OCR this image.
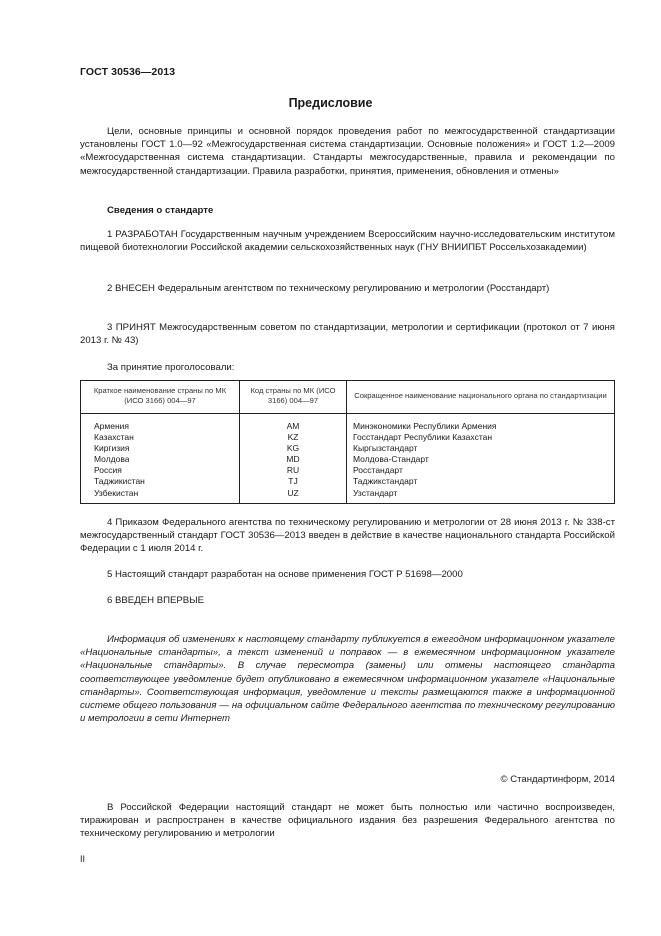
ГОСТ 30536—2013
Предисловие

Цели, основные принципы и основной порядок проведения работ по межгосударственной стандартизации установлены ГОСТ 1.0—92 «Межгосударственная система стандартизации. Основные положения» и ГОСТ 1.2—2009 «Межгосударственная система стандартизации. Стандарты межгосударственные, правила и рекомендации по межгосударственной стандартизации. Правила разработки, принятия, применения, обновления и отмены»

Сведения о стандарте

1 РАЗРАБОТАН Государственным научным учреждением Всероссийским научно-исследовательским институтом пищевой биотехнологии Российской академии сельскохозяйственных наук (ГНУ ВНИИПБТ Россельхозакадемии)

2 ВНЕСЕН Федеральным агентством по техническому регулированию и метрологии (Росстандарт)

3 ПРИНЯТ Межгосударственным советом по стандартизации, метрологии и сертификации (протокол от 7 июня 2013 г. № 43)

За принятие проголосовали:
Краткое наименование страны по МК (ИСО 3166) 004—97	Код страны по МК (ИСО 3166) 004—97	Сокращенное наименование национального органа по стандартизации
Армения	AM	Минэкономики Республики Армения
Казахстан	KZ	Госстандарт Республики Казахстан
Киргизия	KG	Кыргызстандарт
Молдова	MD	Молдова-Стандарт
Россия	RU	Росстандарт
Таджикистан	TJ	Таджикстандарт
Узбекистан	UZ	Узстандарт

4 Приказом Федерального агентства по техническому регулированию и метрологии от 28 июня 2013 г. № 338-ст межгосударственный стандарт ГОСТ 30536—2013 введен в действие в качестве национального стандарта Российской Федерации с 1 июля 2014 г.

5 Настоящий стандарт разработан на основе применения ГОСТ Р 51698—2000

6 ВВЕДЕН ВПЕРВЫЕ

Информация об изменениях к настоящему стандарту публикуется в ежегодном информационном указателе «Национальные стандарты», а текст изменений и поправок — в ежемесячном информационном указателе «Национальные стандарты». В случае пересмотра (замены) или отмены настоящего стандарта соответствующее уведомление будет опубликовано в ежемесячном информационном указателе «Национальные стандарты». Соответствующая информация, уведомление и тексты размещаются также в информационной системе общего пользования — на официальном сайте Федерального агентства по техническому регулированию и метрологии в сети Интернет

© Стандартинформ, 2014

В Российской Федерации настоящий стандарт не может быть полностью или частично воспроизведен, тиражирован и распространен в качестве официального издания без разрешения Федерального агентства по техническому регулированию и метрологии

II
